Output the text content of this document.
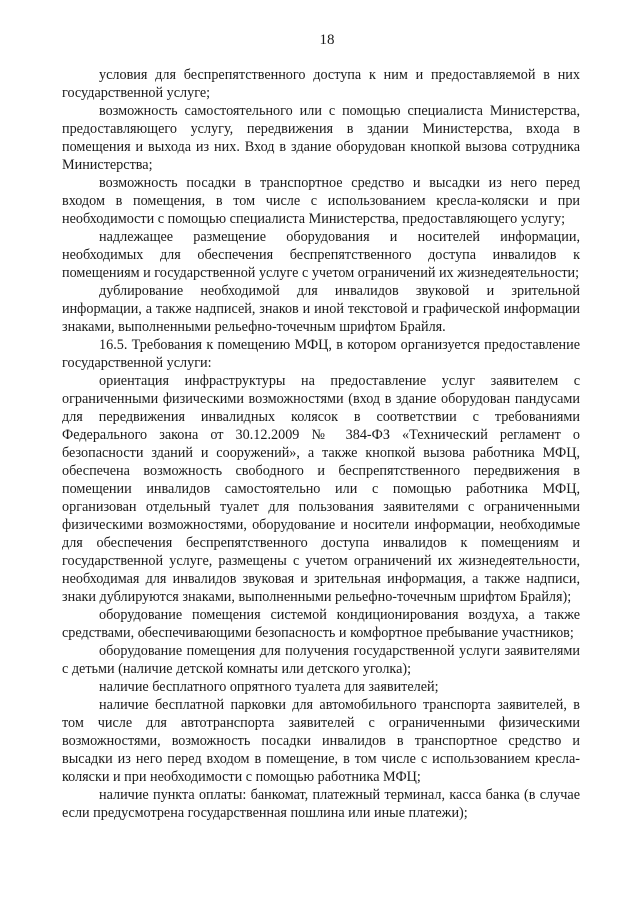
18

условия для беспрепятственного доступа к ним и предоставляемой в них государственной услуге;

возможность самостоятельного или с помощью специалиста Министерства, предоставляющего услугу, передвижения в здании Министерства, входа в помещения и выхода из них. Вход в здание оборудован кнопкой вызова сотрудника Министерства;

возможность посадки в транспортное средство и высадки из него перед входом в помещения, в том числе с использованием кресла-коляски и при необходимости с помощью специалиста Министерства, предоставляющего услугу;

надлежащее размещение оборудования и носителей информации, необходимых для обеспечения беспрепятственного доступа инвалидов к помещениям и государственной услуге с учетом ограничений их жизнедеятельности;

дублирование необходимой для инвалидов звуковой и зрительной информации, а также надписей, знаков и иной текстовой и графической информации знаками, выполненными рельефно-точечным шрифтом Брайля.

16.5. Требования к помещению МФЦ, в котором организуется предоставление государственной услуги:

ориентация инфраструктуры на предоставление услуг заявителем с ограниченными физическими возможностями (вход в здание оборудован пандусами для передвижения инвалидных колясок в соответствии с требованиями Федерального закона от 30.12.2009 № 384-ФЗ «Технический регламент о безопасности зданий и сооружений», а также кнопкой вызова работника МФЦ, обеспечена возможность свободного и беспрепятственного передвижения в помещении инвалидов самостоятельно или с помощью работника МФЦ, организован отдельный туалет для пользования заявителями с ограниченными физическими возможностями, оборудование и носители информации, необходимые для обеспечения беспрепятственного доступа инвалидов к помещениям и государственной услуге, размещены с учетом ограничений их жизнедеятельности, необходимая для инвалидов звуковая и зрительная информация, а также надписи, знаки дублируются знаками, выполненными рельефно-точечным шрифтом Брайля);

оборудование помещения системой кондиционирования воздуха, а также средствами, обеспечивающими безопасность и комфортное пребывание участников;

оборудование помещения для получения государственной услуги заявителями с детьми (наличие детской комнаты или детского уголка);

наличие бесплатного опрятного туалета для заявителей;

наличие бесплатной парковки для автомобильного транспорта заявителей, в том числе для автотранспорта заявителей с ограниченными физическими возможностями, возможность посадки инвалидов в транспортное средство и высадки из него перед входом в помещение, в том числе с использованием кресла-коляски и при необходимости с помощью работника МФЦ;

наличие пункта оплаты: банкомат, платежный терминал, касса банка (в случае если предусмотрена государственная пошлина или иные платежи);
